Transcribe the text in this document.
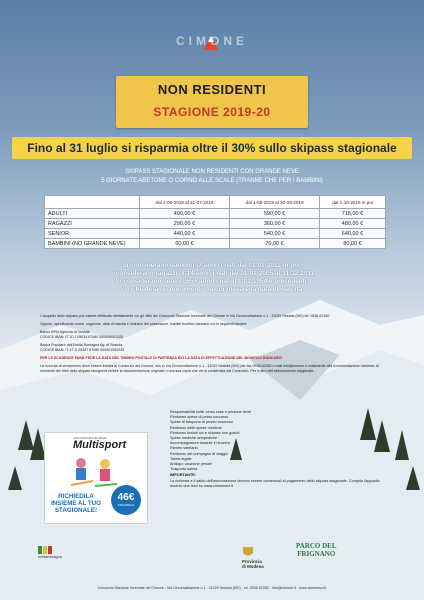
CIMONE
NON RESIDENTI
STAGIONE 2019-20
Fino al 31 luglio si risparmia oltre il 30% sullo skipass stagionale
SKIPASS STAGIONALE NON RESIDENTI CON GRANDE NEVE
5 GIORNATE ABETONE O CORNO ALLE SCALE (TRANNE CHE PER I BAMBINI)
	dal 1-06-2019 al 31-07-2019	dal 1-08-2019 al 30-09-2019	dal 1-10-2019 in poi
ADULTI	490,00 €	590,00 €	715,00 €
RAGAZZI	290,00 €	360,00 €	480,00 €
SENIOR	440,00 €	540,00 €	640,00 €
BAMBINI (NO GRANDE NEVE)	60,00 €	70,00 €	80,00 €
Si considerano bambini (7 anni) i nati dal 01-01-2012 in poi.
Si considerano ragazzi (8-14 anni) i nati dal 01-01-2005 al 31-12-2011.
Si considerano senior (65+ anni) i nati il 1-01-1954 e precedenti.
Si richiederà un documento da cui rilevare la data di nascita.

L'acquisto dello skipass può essere effettuato direttamente c/o gli uffici del Consorzio Stazione Invernale del Cimone in Via Circonvallazione n.1 - 41029 Sestola (MO) tel. 0536 62350

Oppure, specificando nome, cognome, data di nascita e indirizzo del possessore, tramite bonifico bancario c/o le seguenti banche:

Banco BPM Agenzia di Sestola
CODICE IBAN: IT 20 J 05034 67080 000000001105

Banca Popolare dell'Emilia Romagna Ag. di Sestola
CODICE IBAN: IT 47 G 05387 67080 000001052035

PER LE SCADENZE FARÀ FEDE LA DATA DEL TIMBRO POSTALE DI PARTENZA E/O LA DATA DI EFFETTUAZIONE DEL BONIFICO BANCARIO

La ricevuta di versamento deve essere inviata al Consorzio del Cimone, sito in Via Circonvallazione n.1 - 41029 Sestola (MO) per fax 0536 62350 o mail info@cimone.it unitamente alla documentazione richiesta. Al momento del ritiro dello skipass bisognerà esibire la documentazione originale o una sua copia che verrà conservata dal Consorzio. Per il ritiro dell'abbonamento stagionale...

ASSICURAZIONE NEVE
Multisport
RICHIEDILA INSIEME AL TUO STAGIONALE!
46€
STAGIONALE
Responsabilità civile verso cose e persone terze
Rimborso spese di primo soccorso
Spese di trasporto al pronto soccorso
Rimborso delle spese mediche
Rimborso lezioni sci e skipass non goduti
Spese mediche ortopediche
Accompagnatore durante il ricovero
Rientro sanitario
Rimborso del compagno di viaggio
Tutela legale
Anticipo cauzione penale
Trasporto salma
IMPORTANTE:
La richiesta e il saldo dell'assicurazione devono essere contestuali al pagamento dello skipass stagionale. Compila l'apposito modulo che trovi su www.cimonesci.it
emiliaromagna
Provincia
di Modena
PARCO DEL
FRIGNANO
Consorzio Stazione Invernale del Cimone - Via Circonvallazione n.1 - 41029 Sestola (MO) - tel. 0536 62350 - info@cimone.it - www.cimonesci.it
